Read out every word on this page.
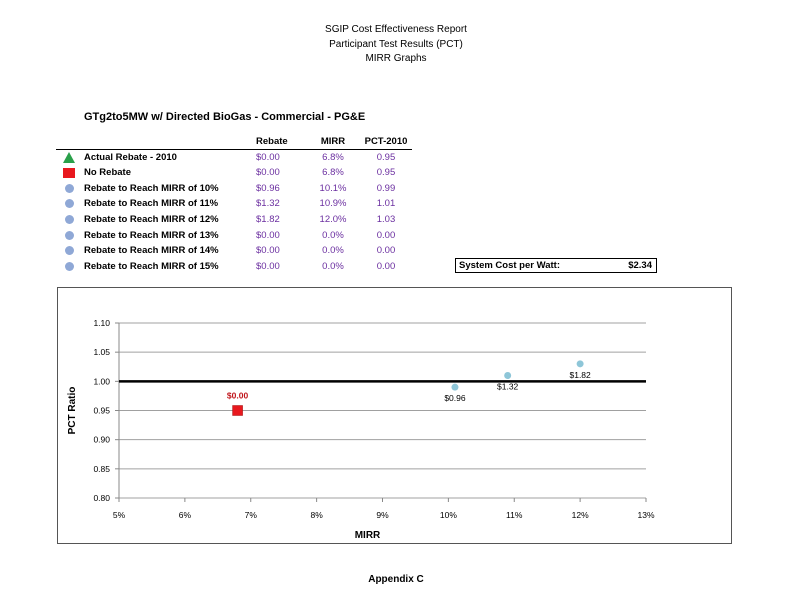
SGIP Cost Effectiveness Report
Participant Test Results (PCT)
MIRR Graphs
GTg2to5MW w/ Directed BioGas - Commercial - PG&E
		Rebate	MIRR	PCT-2010
	Actual Rebate - 2010	$0.00	6.8%	0.95
	No Rebate	$0.00	6.8%	0.95
	Rebate to Reach MIRR of 10%	$0.96	10.1%	0.99
	Rebate to Reach MIRR of 11%	$1.32	10.9%	1.01
	Rebate to Reach MIRR of 12%	$1.82	12.0%	1.03
	Rebate to Reach MIRR of 13%	$0.00	0.0%	0.00
	Rebate to Reach MIRR of 14%	$0.00	0.0%	0.00
	Rebate to Reach MIRR of 15%	$0.00	0.0%	0.00	System Cost per Watt:	$2.34
0.80
0.85
0.90
0.95
1.00
1.05
1.10
5%	6%	7%	8%	9%	10%	11%	12%	13%
MIRR
PCT Ratio	$0.00	$0.96
$1.32
$1.82
Appendix C
